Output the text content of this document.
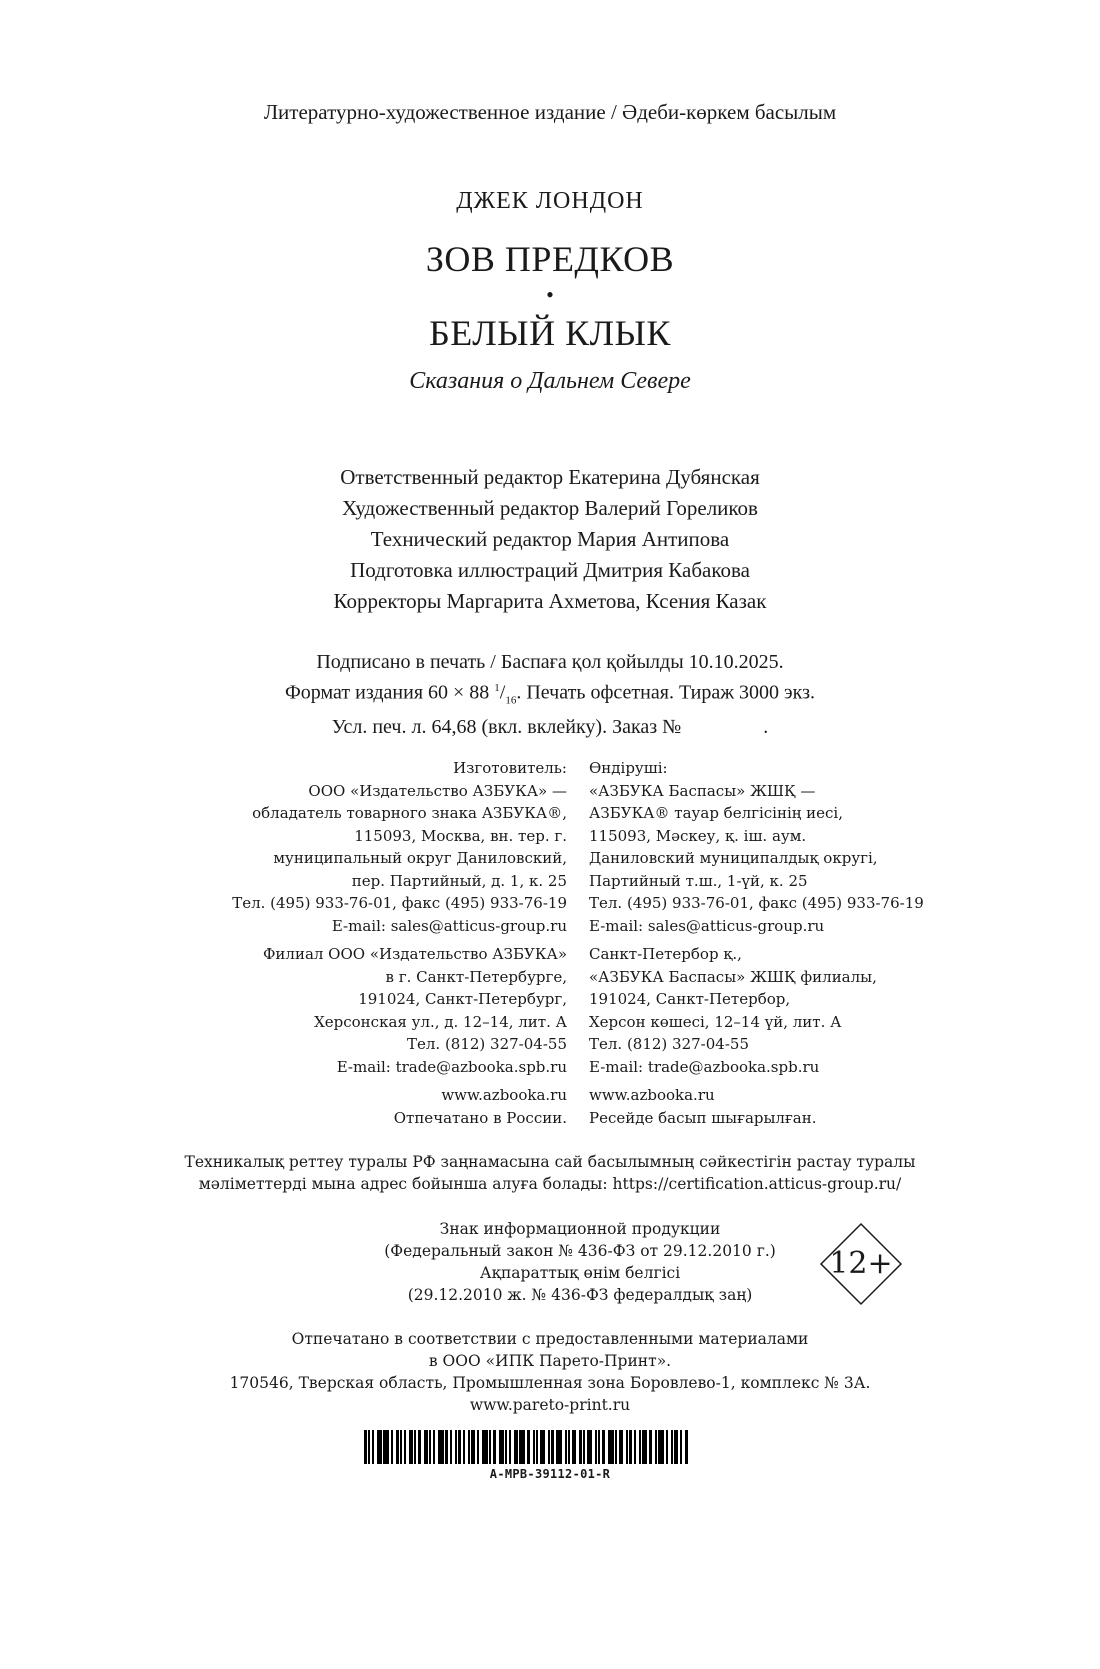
Литературно-художественное издание / Әдеби-көркем басылым
ДЖЕК ЛОНДОН
ЗОВ ПРЕДКОВ
•
БЕЛЫЙ КЛЫК
Сказания о Дальнем Севере
Ответственный редактор Екатерина Дубянская
Художественный редактор Валерий Гореликов
Технический редактор Мария Антипова
Подготовка иллюстраций Дмитрия Кабакова
Корректоры Маргарита Ахметова, Ксения Казак
Подписано в печать / Баспаға қол қойылды 10.10.2025.
Формат издания 60 × 88 $^1/_{16}$. Печать офсетная. Тираж 3000 экз.
Усл. печ. л. 64,68 (вкл. вклейку). Заказ №	.
Изготовитель:
ООО «Издательство АЗБУКА» —
обладатель товарного знака АЗБУКА®,
115093, Москва, вн. тер. г.
муниципальный округ Даниловский,
пер. Партийный, д. 1, к. 25
Тел. (495) 933-76-01, факс (495) 933-76-19
E-mail: sales@atticus-group.ru
Филиал ООО «Издательство АЗБУКА»
в г. Санкт-Петербурге,
191024, Санкт-Петербург,
Херсонская ул., д. 12–14, лит. А
Тел. (812) 327-04-55
E-mail: trade@azbooka.spb.ru
www.azbooka.ru
Отпечатано в России.
Өндіруші:
«АЗБУКА Баспасы» ЖШҚ —
АЗБУКА® тауар белгісінің иесі,
115093, Мәскеу, қ. іш. аум.
Даниловский муниципалдық округі,
Партийный т.ш., 1-үй, к. 25
Тел. (495) 933-76-01, факс (495) 933-76-19
E-mail: sales@atticus-group.ru
Санкт-Петербор қ.,
«АЗБУКА Баспасы» ЖШҚ филиалы,
191024, Санкт-Петербор,
Херсон көшесі, 12–14 үй, лит. А
Тел. (812) 327-04-55
E-mail: trade@azbooka.spb.ru
www.azbooka.ru
Ресейде басып шығарылған.
Техникалық реттеу туралы РФ заңнамасына сай басылымның сәйкестігін растау туралы
мәліметтерді мына адрес бойынша алуға болады: https://certification.atticus-group.ru/
Знак информационной продукции
(Федеральный закон № 436-ФЗ от 29.12.2010 г.)
Ақпараттық өнім белгісі
(29.12.2010 ж. № 436-ФЗ федералдық заң)
12+
Отпечатано в соответствии с предоставленными материалами
в ООО «ИПК Парето-Принт».
170546, Тверская область, Промышленная зона Боровлево-1, комплекс № 3А.
www.pareto-print.ru
A-MPB-39112-01-R
